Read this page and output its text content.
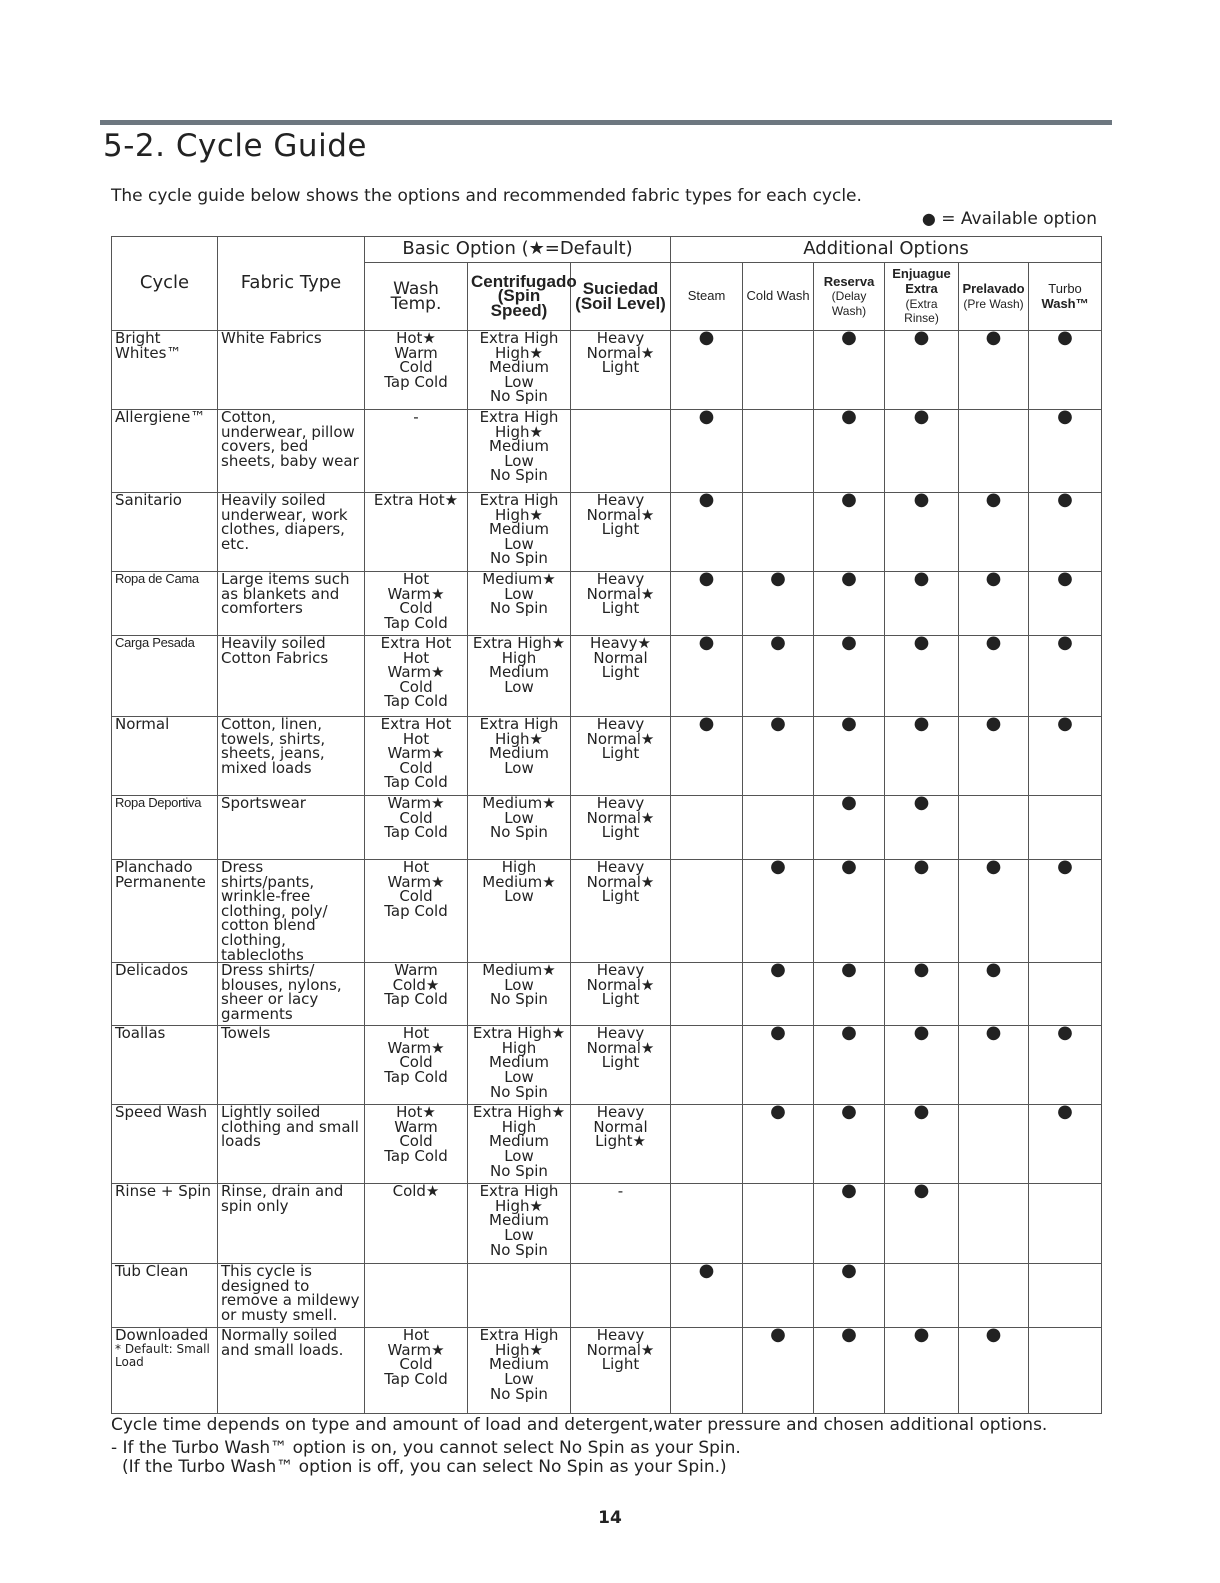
5-2. Cycle Guide
The cycle guide below shows the options and recommended fabric types for each cycle.
● = Available option
Cycle	Fabric Type	Basic Option (★=Default)			Additional Options					
		Wash
Temp.	Centrifugado
(Spin Speed)	Suciedad
(Soil Level)	Steam	Cold Wash	Reserva
(Delay Wash)	Enjuague
Extra
(Extra Rinse)	Prelavado
(Pre Wash)	Turbo
Wash™
Bright Whites™	White Fabrics	Hot★
Warm
Cold
Tap Cold	Extra High
High★
Medium
Low
No Spin	Heavy
Normal★
Light	●		●	●	●	●
Allergiene™	Cotton, underwear, pillow covers, bed sheets, baby wear	-	Extra High
High★
Medium
Low
No Spin		●		●	●		●
Sanitario	Heavily soiled underwear, work clothes, diapers, etc.	Extra Hot★	Extra High
High★
Medium
Low
No Spin	Heavy
Normal★
Light	●		●	●	●	●
Ropa de Cama	Large items such as blankets and comforters	Hot
Warm★
Cold
Tap Cold	Medium★
Low
No Spin	Heavy
Normal★
Light	●	●	●	●	●	●
Carga Pesada	Heavily soiled Cotton Fabrics	Extra Hot
Hot
Warm★
Cold
Tap Cold	Extra High★
High
Medium
Low	Heavy★
Normal
Light	●	●	●	●	●	●
Normal	Cotton, linen, towels, shirts, sheets, jeans, mixed loads	Extra Hot
Hot
Warm★
Cold
Tap Cold	Extra High
High★
Medium
Low	Heavy
Normal★
Light	●	●	●	●	●	●
Ropa Deportiva	Sportswear	Warm★
Cold
Tap Cold	Medium★
Low
No Spin	Heavy
Normal★
Light			●	●		
Planchado Permanente	Dress shirts/pants, wrinkle-free clothing, poly/ cotton blend clothing, tablecloths	Hot
Warm★
Cold
Tap Cold	High
Medium★
Low	Heavy
Normal★
Light		●	●	●	●	●
Delicados	Dress shirts/ blouses, nylons, sheer or lacy garments	Warm
Cold★
Tap Cold	Medium★
Low
No Spin	Heavy
Normal★
Light		●	●	●	●	
Toallas	Towels	Hot
Warm★
Cold
Tap Cold	Extra High★
High
Medium
Low
No Spin	Heavy
Normal★
Light		●	●	●	●	●
Speed Wash	Lightly soiled clothing and small loads	Hot★
Warm
Cold
Tap Cold	Extra High★
High
Medium
Low
No Spin	Heavy
Normal
Light★		●	●	●		●
Rinse + Spin	Rinse, drain and spin only	Cold★	Extra High
High★
Medium
Low
No Spin	-			●	●		
Tub Clean	This cycle is designed to remove a mildewy or musty smell.				●		●			
Downloaded
* Default: Small Load	Normally soiled and small loads.	Hot
Warm★
Cold
Tap Cold	Extra High
High★
Medium
Low
No Spin	Heavy
Normal★
Light		●	●	●	●	
Cycle time depends on type and amount of load and detergent,water pressure and chosen additional options.
- If the Turbo Wash™ option is on, you cannot select No Spin as your Spin.
(If the Turbo Wash™ option is off, you can select No Spin as your Spin.)
14
